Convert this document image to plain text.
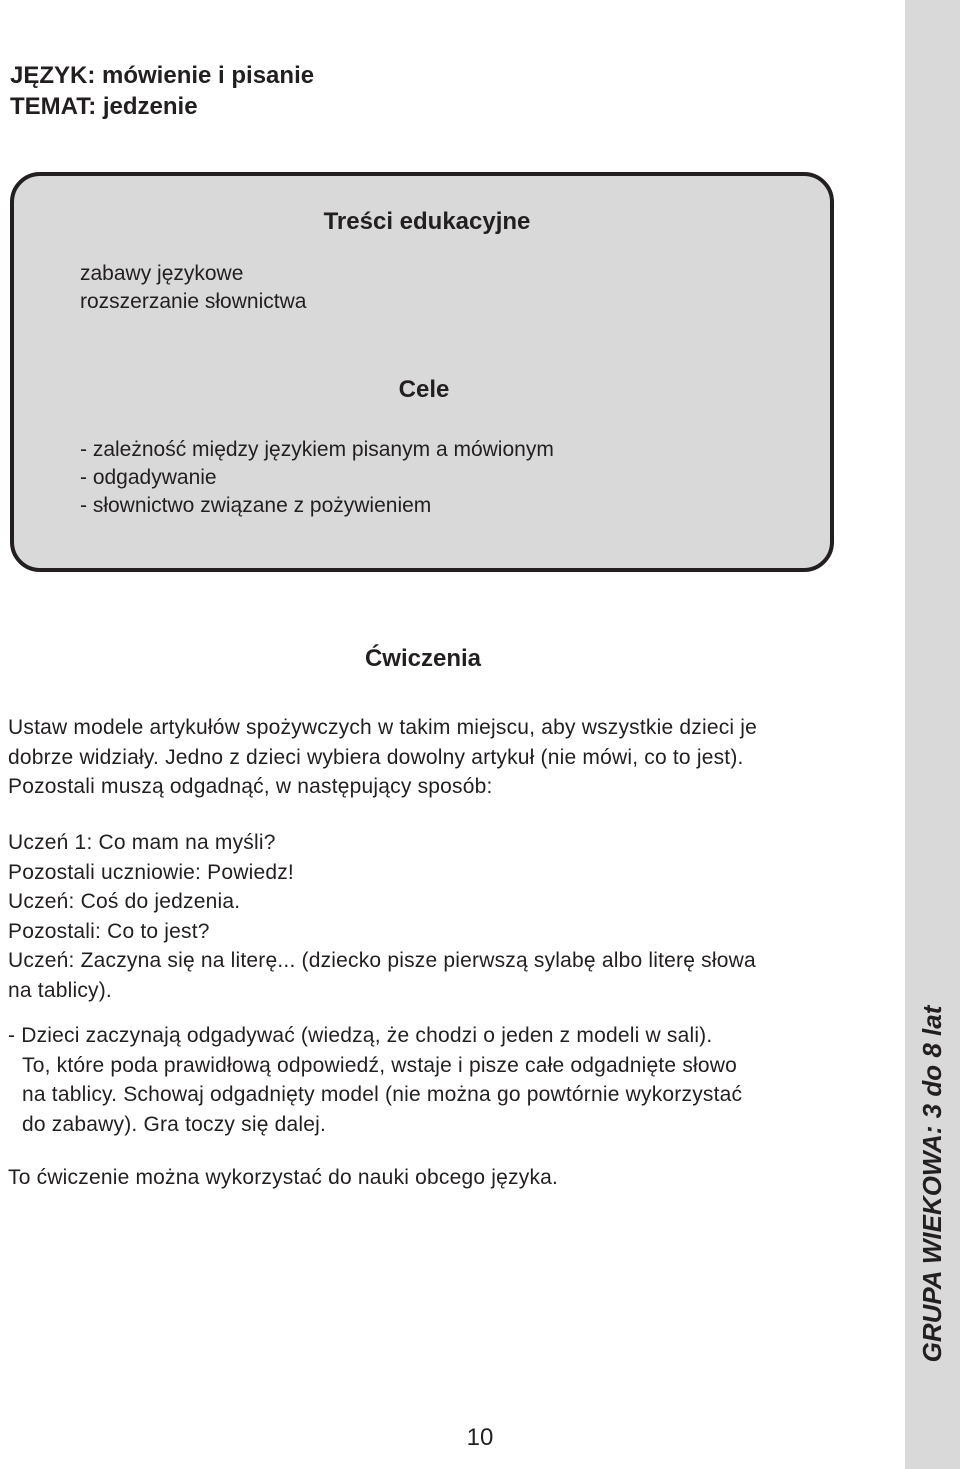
JĘZYK: mówienie i pisanie
TEMAT: jedzenie
Treści edukacyjne
zabawy językowe
rozszerzanie słownictwa
Cele
- zależność między językiem pisanym a mówionym
- odgadywanie
- słownictwo związane z pożywieniem
Ćwiczenia
Ustaw modele artykułów spożywczych w takim miejscu, aby wszystkie dzieci je
dobrze widziały. Jedno z dzieci wybiera dowolny artykuł (nie mówi, co to jest).
Pozostali muszą odgadnąć, w następujący sposób:
Uczeń 1: Co mam na myśli?
Pozostali uczniowie: Powiedz!
Uczeń: Coś do jedzenia.
Pozostali: Co to jest?
Uczeń: Zaczyna się na literę... (dziecko pisze pierwszą sylabę albo literę słowa
na tablicy).
- Dzieci zaczynają odgadywać (wiedzą, że chodzi o jeden z modeli w sali).
To, które poda prawidłową odpowiedź, wstaje i pisze całe odgadnięte słowo
na tablicy. Schowaj odgadnięty model (nie można go powtórnie wykorzystać
do zabawy). Gra toczy się dalej.
To ćwiczenie można wykorzystać do nauki obcego języka.
10
GRUPA WIEKOWA: 3 do 8 lat
